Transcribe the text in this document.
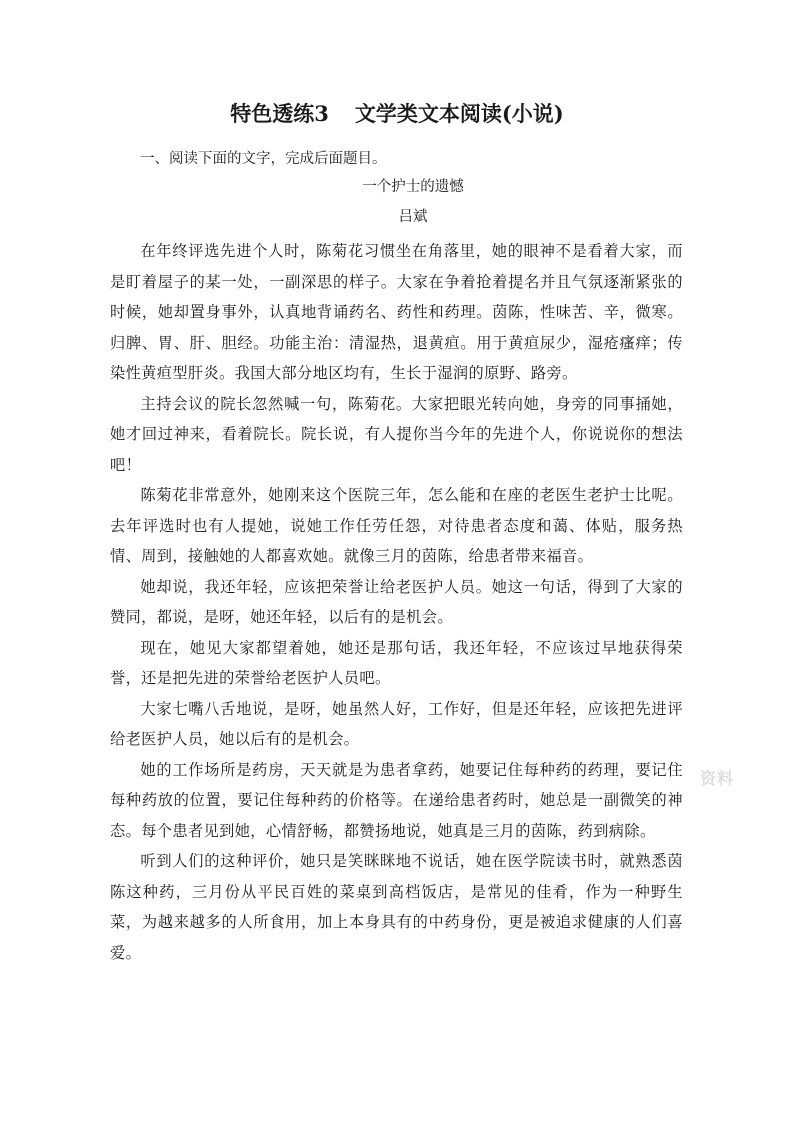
特色透练3 文学类文本阅读(小说)

一、阅读下面的文字，完成后面题目。

一个护士的遗憾

吕斌

在年终评选先进个人时，陈菊花习惯坐在角落里，她的眼神不是看着大家，而是盯着屋子的某一处，一副深思的样子。大家在争着抢着提名并且气氛逐渐紧张的时候，她却置身事外，认真地背诵药名、药性和药理。茵陈，性味苦、辛，微寒。归脾、胃、肝、胆经。功能主治：清湿热，退黄疸。用于黄疸尿少，湿疮瘙痒；传染性黄疸型肝炎。我国大部分地区均有，生长于湿润的原野、路旁。

主持会议的院长忽然喊一句，陈菊花。大家把眼光转向她，身旁的同事捅她，她才回过神来，看着院长。院长说，有人提你当今年的先进个人，你说说你的想法吧！

陈菊花非常意外，她刚来这个医院三年，怎么能和在座的老医生老护士比呢。去年评选时也有人提她，说她工作任劳任怨，对待患者态度和蔼、体贴，服务热情、周到，接触她的人都喜欢她。就像三月的茵陈，给患者带来福音。

她却说，我还年轻，应该把荣誉让给老医护人员。她这一句话，得到了大家的赞同，都说，是呀，她还年轻，以后有的是机会。

现在，她见大家都望着她，她还是那句话，我还年轻，不应该过早地获得荣誉，还是把先进的荣誉给老医护人员吧。

大家七嘴八舌地说，是呀，她虽然人好，工作好，但是还年轻，应该把先进评给老医护人员，她以后有的是机会。

她的工作场所是药房，天天就是为患者拿药，她要记住每种药的药理，要记住每种药放的位置，要记住每种药的价格等。在递给患者药时，她总是一副微笑的神态。每个患者见到她，心情舒畅，都赞扬地说，她真是三月的茵陈，药到病除。

听到人们的这种评价，她只是笑眯眯地不说话，她在医学院读书时，就熟悉茵陈这种药，三月份从平民百姓的菜桌到高档饭店，是常见的佳肴，作为一种野生菜，为越来越多的人所食用，加上本身具有的中药身份，更是被追求健康的人们喜爱。

资料
